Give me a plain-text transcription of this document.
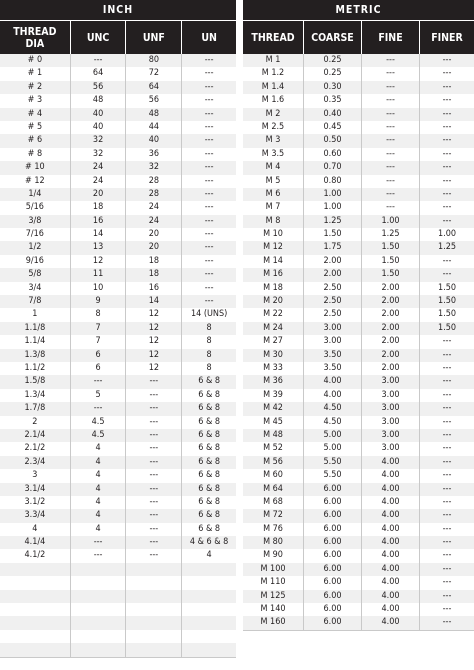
INCH
THREAD
DIA	UNC	UNF	UN
# 0	---	80	---
# 1	64	72	---
# 2	56	64	---
# 3	48	56	---
# 4	40	48	---
# 5	40	44	---
# 6	32	40	---
# 8	32	36	---
# 10	24	32	---
# 12	24	28	---
1/4	20	28	---
5/16	18	24	---
3/8	16	24	---
7/16	14	20	---
1/2	13	20	---
9/16	12	18	---
5/8	11	18	---
3/4	10	16	---
7/8	9	14	---
1	8	12	14 (UNS)
1.1/8	7	12	8
1.1/4	7	12	8
1.3/8	6	12	8
1.1/2	6	12	8
1.5/8	---	---	6 & 8
1.3/4	5	---	6 & 8
1.7/8	---	---	6 & 8
2	4.5	---	6 & 8
2.1/4	4.5	---	6 & 8
2.1/2	4	---	6 & 8
2.3/4	4	---	6 & 8
3	4	---	6 & 8
3.1/4	4	---	6 & 8
3.1/2	4	---	6 & 8
3.3/4	4	---	6 & 8
4	4	---	6 & 8
4.1/4	---	---	4 & 6 & 8
4.1/2	---	---	4
METRIC
THREAD	COARSE	FINE	FINER
M 1	0.25	---	---
M 1.2	0.25	---	---
M 1.4	0.30	---	---
M 1.6	0.35	---	---
M 2	0.40	---	---
M 2.5	0.45	---	---
M 3	0.50	---	---
M 3.5	0.60	---	---
M 4	0.70	---	---
M 5	0.80	---	---
M 6	1.00	---	---
M 7	1.00	---	---
M 8	1.25	1.00	---
M 10	1.50	1.25	1.00
M 12	1.75	1.50	1.25
M 14	2.00	1.50	---
M 16	2.00	1.50	---
M 18	2.50	2.00	1.50
M 20	2.50	2.00	1.50
M 22	2.50	2.00	1.50
M 24	3.00	2.00	1.50
M 27	3.00	2.00	---
M 30	3.50	2.00	---
M 33	3.50	2.00	---
M 36	4.00	3.00	---
M 39	4.00	3.00	---
M 42	4.50	3.00	---
M 45	4.50	3.00	---
M 48	5.00	3.00	---
M 52	5.00	3.00	---
M 56	5.50	4.00	---
M 60	5.50	4.00	---
M 64	6.00	4.00	---
M 68	6.00	4.00	---
M 72	6.00	4.00	---
M 76	6.00	4.00	---
M 80	6.00	4.00	---
M 90	6.00	4.00	---
M 100	6.00	4.00	---
M 110	6.00	4.00	---
M 125	6.00	4.00	---
M 140	6.00	4.00	---
M 160	6.00	4.00	---
